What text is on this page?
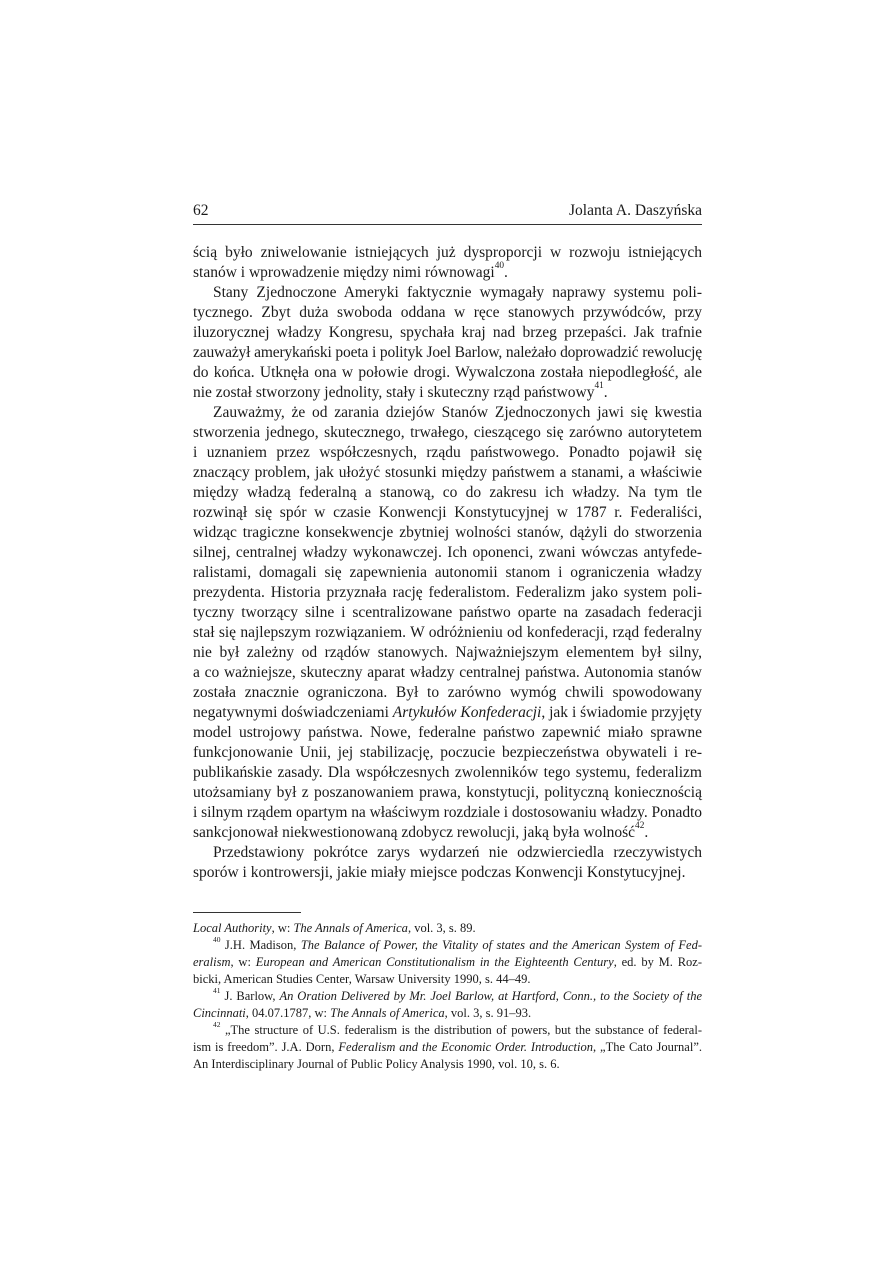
62	Jolanta A. Daszyńska
ścią było zniwelowanie istniejących już dysproporcji w rozwoju istniejących
stanów i wprowadzenie między nimi równowagi$^{40}$.
Stany Zjednoczone Ameryki faktycznie wymagały naprawy systemu poli-
tycznego. Zbyt duża swoboda oddana w ręce stanowych przywódców, przy
iluzorycznej władzy Kongresu, spychała kraj nad brzeg przepaści. Jak trafnie
zauważył amerykański poeta i polityk Joel Barlow, należało doprowadzić rewolucję
do końca. Utknęła ona w połowie drogi. Wywalczona została niepodległość, ale
nie został stworzony jednolity, stały i skuteczny rząd państwowy$^{41}$.
Zauważmy, że od zarania dziejów Stanów Zjednoczonych jawi się kwestia
stworzenia jednego, skutecznego, trwałego, cieszącego się zarówno autorytetem
i uznaniem przez współczesnych, rządu państwowego. Ponadto pojawił się
znaczący problem, jak ułożyć stosunki między państwem a stanami, a właściwie
między władzą federalną a stanową, co do zakresu ich władzy. Na tym tle
rozwinął się spór w czasie Konwencji Konstytucyjnej w 1787 r. Federaliści,
widząc tragiczne konsekwencje zbytniej wolności stanów, dążyli do stworzenia
silnej, centralnej władzy wykonawczej. Ich oponenci, zwani wówczas antyfede-
ralistami, domagali się zapewnienia autonomii stanom i ograniczenia władzy
prezydenta. Historia przyznała rację federalistom. Federalizm jako system poli-
tyczny tworzący silne i scentralizowane państwo oparte na zasadach federacji
stał się najlepszym rozwiązaniem. W odróżnieniu od konfederacji, rząd federalny
nie był zależny od rządów stanowych. Najważniejszym elementem był silny,
a co ważniejsze, skuteczny aparat władzy centralnej państwa. Autonomia stanów
została znacznie ograniczona. Był to zarówno wymóg chwili spowodowany
negatywnymi doświadczeniami Artykułów Konfederacji, jak i świadomie przyjęty
model ustrojowy państwa. Nowe, federalne państwo zapewnić miało sprawne
funkcjonowanie Unii, jej stabilizację, poczucie bezpieczeństwa obywateli i re-
publikańskie zasady. Dla współczesnych zwolenników tego systemu, federalizm
utożsamiany był z poszanowaniem prawa, konstytucji, polityczną koniecznością
i silnym rządem opartym na właściwym rozdziale i dostosowaniu władzy. Ponadto
sankcjonował niekwestionowaną zdobycz rewolucji, jaką była wolność$^{42}$.
Przedstawiony pokrótce zarys wydarzeń nie odzwierciedla rzeczywistych
sporów i kontrowersji, jakie miały miejsce podczas Konwencji Konstytucyjnej.
Local Authority, w: The Annals of America, vol. 3, s. 89.
$^{40}$ J.H. Madison, The Balance of Power, the Vitality of states and the American System of Fed-
eralism, w: European and American Constitutionalism in the Eighteenth Century, ed. by M. Roz-
bicki, American Studies Center, Warsaw University 1990, s. 44–49.
$^{41}$ J. Barlow, An Oration Delivered by Mr. Joel Barlow, at Hartford, Conn., to the Society of the
Cincinnati, 04.07.1787, w: The Annals of America, vol. 3, s. 91–93.
$^{42}$ „The structure of U.S. federalism is the distribution of powers, but the substance of federal-
ism is freedom”. J.A. Dorn, Federalism and the Economic Order. Introduction, „The Cato Journal”.
An Interdisciplinary Journal of Public Policy Analysis 1990, vol. 10, s. 6.
